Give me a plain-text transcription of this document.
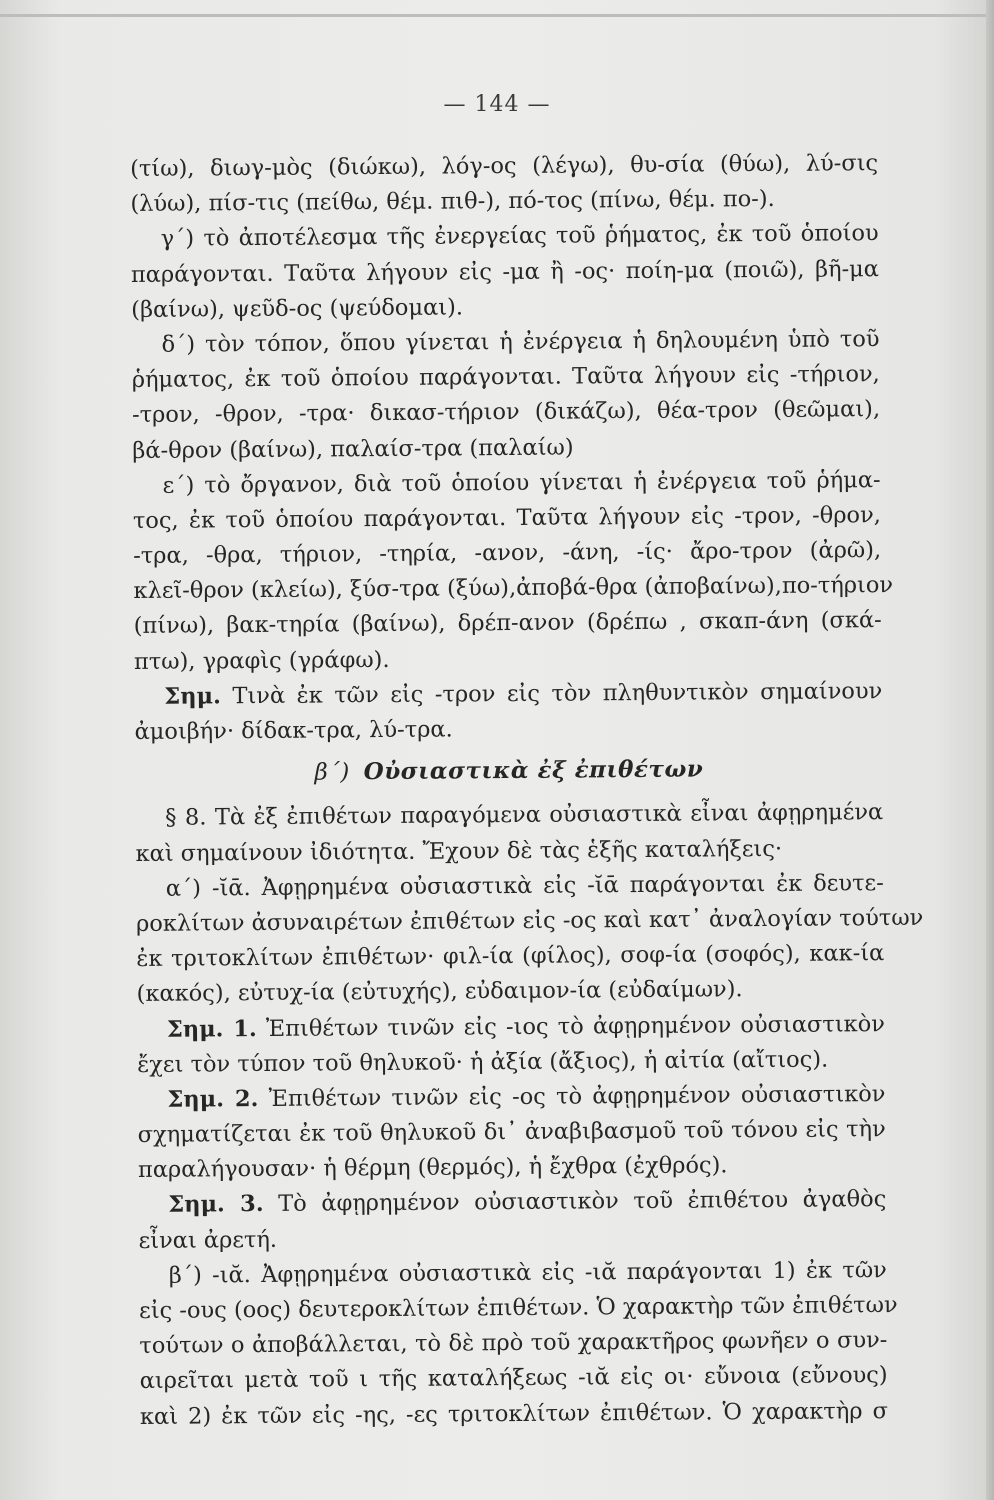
— 144 —
(τίω), διωγ-μὸς (διώκω), λόγ-ος (λέγω), θυ-σία (θύω), λύ-σις
(λύω), πίσ-τις (πείθω, θέμ. πιθ-), πό-τος (πίνω, θέμ. πο-).
γ΄) τὸ ἀποτέλεσμα τῆς ἐνεργείας τοῦ ῥήματος, ἐκ τοῦ ὁποίου
παράγονται. Ταῦτα λήγουν εἰς -μα ἢ -ος· ποίη-μα (ποιῶ), βῆ-μα
(βαίνω), ψεῦδ-ος (ψεύδομαι).
δ΄) τὸν τόπον, ὅπου γίνεται ἡ ἐνέργεια ἡ δηλουμένη ὑπὸ τοῦ
ῥήματος, ἐκ τοῦ ὁποίου παράγονται. Ταῦτα λήγουν εἰς -τήριον,
-τρον, -θρον, -τρα· δικασ-τήριον (δικάζω), θέα-τρον (θεῶμαι),
βά-θρον (βαίνω), παλαίσ-τρα (παλαίω)
ε΄) τὸ ὄργανον, διὰ τοῦ ὁποίου γίνεται ἡ ἐνέργεια τοῦ ῥήμα-
τος, ἐκ τοῦ ὁποίου παράγονται. Ταῦτα λήγουν εἰς -τρον, -θρον,
-τρα, -θρα, τήριον, -τηρία, -ανον, -άνη, -ίς· ἄρο-τρον (ἀρῶ),
κλεῖ-θρον (κλείω), ξύσ-τρα (ξύω),ἀποβά-θρα (ἀποβαίνω),πο-τήριον
(πίνω), βακ-τηρία (βαίνω), δρέπ-ανον (δρέπω , σκαπ-άνη (σκά-
πτω), γραφὶς (γράφω).
Σημ. Τινὰ ἐκ τῶν εἰς -τρον εἰς τὸν πληθυντικὸν σημαίνουν
ἀμοιβήν· δίδακ-τρα, λύ-τρα.
β΄) Οὐσιαστικὰ ἐξ ἐπιθέτων
§ 8. Τὰ ἐξ ἐπιθέτων παραγόμενα οὐσιαστικὰ εἶναι ἀφῃρημένα
καὶ σημαίνουν ἰδιότητα. Ἔχουν δὲ τὰς ἑξῆς καταλήξεις·
α΄) -ῐᾱ. Ἀφῃρημένα οὐσιαστικὰ εἰς -ῐᾱ παράγονται ἐκ δευτε-
ροκλίτων ἀσυναιρέτων ἐπιθέτων εἰς -ος καὶ κατ᾽ ἀναλογίαν τούτων
ἐκ τριτοκλίτων ἐπιθέτων· φιλ-ία (φίλος), σοφ-ία (σοφός), κακ-ία
(κακός), εὐτυχ-ία (εὐτυχής), εὐδαιμον-ία (εὐδαίμων).
Σημ. 1. Ἐπιθέτων τινῶν εἰς -ιος τὸ ἀφῃρημένον οὐσιαστικὸν
ἔχει τὸν τύπον τοῦ θηλυκοῦ· ἡ ἀξία (ἄξιος), ἡ αἰτία (αἴτιος).
Σημ. 2. Ἐπιθέτων τινῶν εἰς -ος τὸ ἀφῃρημένον οὐσιαστικὸν
σχηματίζεται ἐκ τοῦ θηλυκοῦ δι᾽ ἀναβιβασμοῦ τοῦ τόνου εἰς τὴν
παραλήγουσαν· ἡ θέρμη (θερμός), ἡ ἔχθρα (ἐχθρός).
Σημ. 3. Τὸ ἀφῃρημένον οὐσιαστικὸν τοῦ ἐπιθέτου ἀγαθὸς
εἶναι ἀρετή.
β΄) -ιᾰ. Ἀφῃρημένα οὐσιαστικὰ εἰς -ιᾰ παράγονται 1) ἐκ τῶν
εἰς -ους (οος) δευτεροκλίτων ἐπιθέτων. Ὁ χαρακτὴρ τῶν ἐπιθέτων
τούτων ο ἀποβάλλεται, τὸ δὲ πρὸ τοῦ χαρακτῆρος φωνῆεν ο συν-
αιρεῖται μετὰ τοῦ ι τῆς καταλήξεως -ιᾰ εἰς οι· εὔνοια (εὔνους)
καὶ 2) ἐκ τῶν εἰς -ης, -ες τριτοκλίτων ἐπιθέτων. Ὁ χαρακτὴρ σ
